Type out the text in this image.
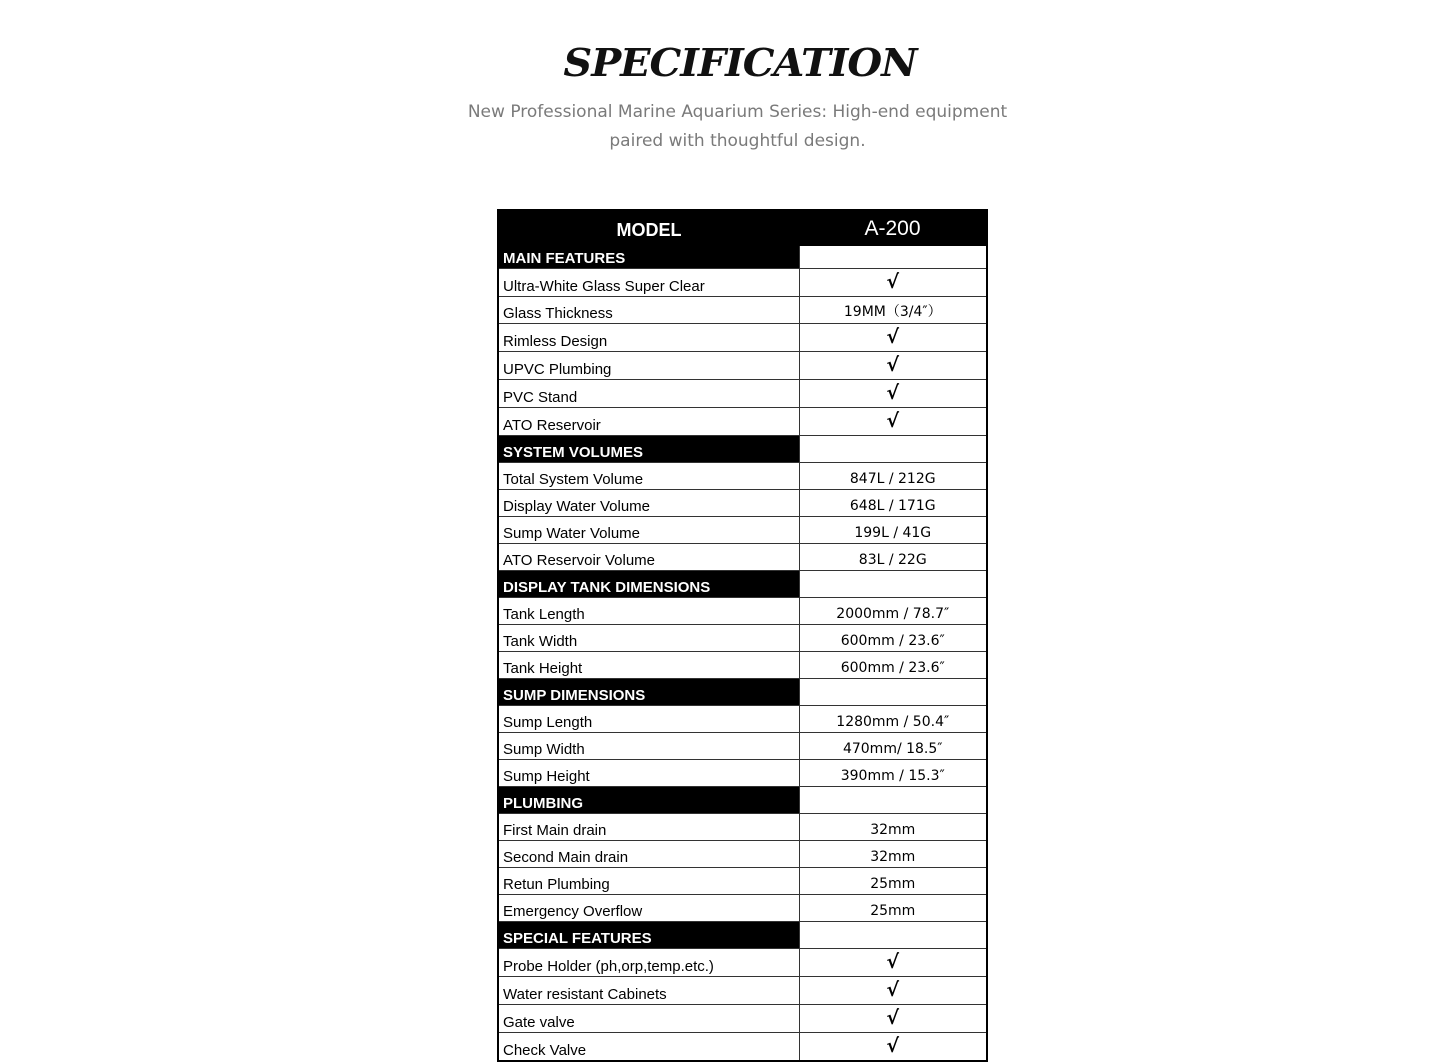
SPECIFICATION
New Professional Marine Aquarium Series: High-end equipment
paired with thoughtful design.
MODEL	A-200
MAIN FEATURES	
Ultra-White Glass Super Clear	√
Glass Thickness	19MM（3/4″）
Rimless Design	√
UPVC Plumbing	√
PVC Stand	√
ATO Reservoir	√
SYSTEM VOLUMES	
Total System Volume	847L / 212G
Display Water Volume	648L / 171G
Sump Water Volume	199L / 41G
ATO Reservoir Volume	83L / 22G
DISPLAY TANK DIMENSIONS	
Tank Length	2000mm / 78.7″
Tank Width	600mm / 23.6″
Tank Height	600mm / 23.6″
SUMP DIMENSIONS	
Sump Length	1280mm / 50.4″
Sump Width	470mm/ 18.5″
Sump Height	390mm / 15.3″
PLUMBING	
First Main drain	32mm
Second Main drain	32mm
Retun Plumbing	25mm
Emergency Overflow	25mm
SPECIAL FEATURES	
Probe Holder (ph,orp,temp.etc.)	√
Water resistant Cabinets	√
Gate valve	√
Check Valve	√
